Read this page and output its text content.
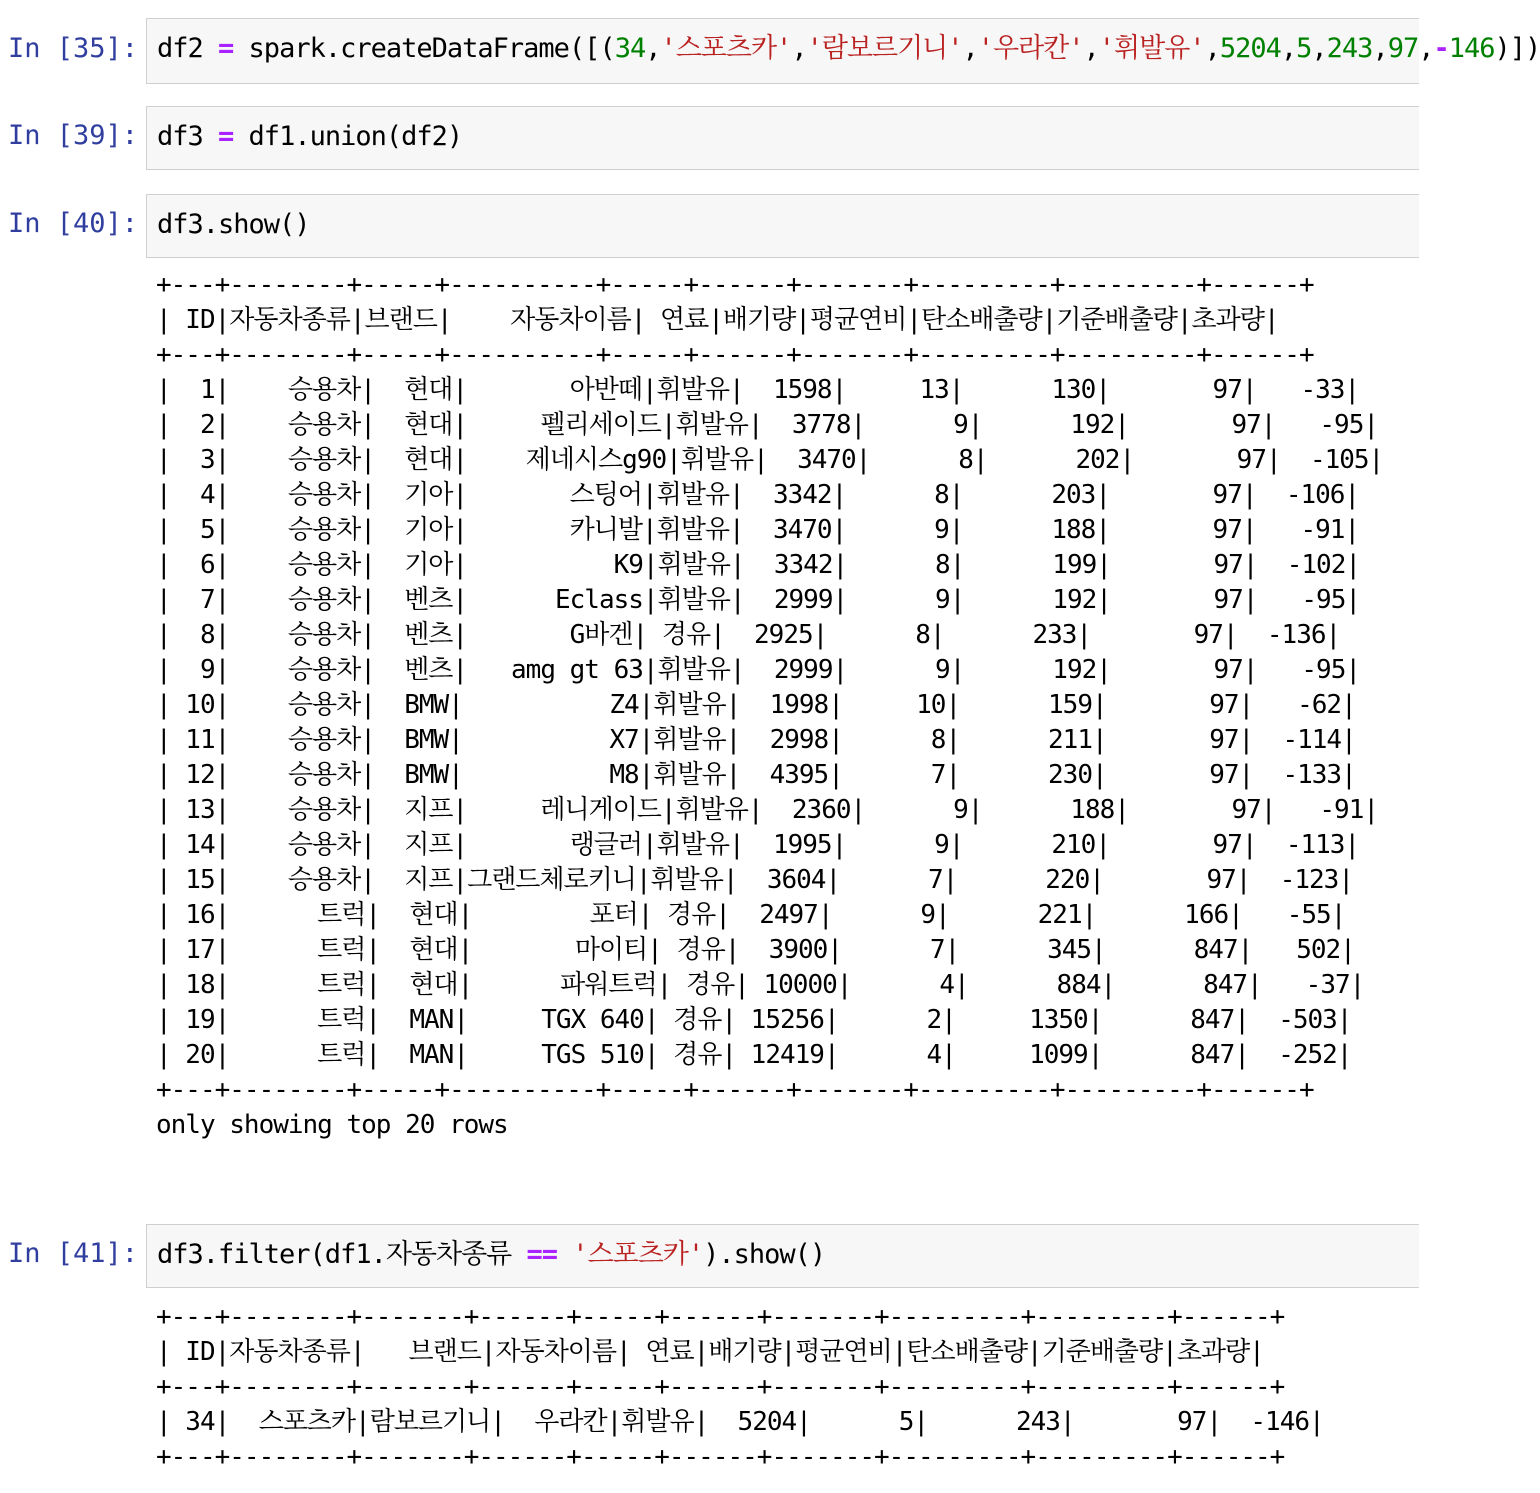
In [35]: df2 = spark.createDataFrame([(34,'스포츠카','람보르기니','우라칸','휘발유',5204,5,243,97,-146)])
In [39]: df3 = df1.union(df2)
In [40]: df3.show()
+---+--------+-----+----------+-----+------+-------+---------+---------+------+
| ID|자동차종류|브랜드|    자동차이름| 연료|배기량|평균연비|탄소배출량|기준배출량|초과량|
+---+--------+-----+----------+-----+------+-------+---------+---------+------+
|  1|    승용차|  현대|       아반떼|휘발유|  1598|     13|      130|       97|   -33|
|  2|    승용차|  현대|     펠리세이드|휘발유|  3778|      9|      192|       97|   -95|
|  3|    승용차|  현대|    제네시스g90|휘발유|  3470|      8|      202|       97|  -105|
|  4|    승용차|  기아|       스팅어|휘발유|  3342|      8|      203|       97|  -106|
|  5|    승용차|  기아|       카니발|휘발유|  3470|      9|      188|       97|   -91|
|  6|    승용차|  기아|          K9|휘발유|  3342|      8|      199|       97|  -102|
|  7|    승용차|  벤츠|      Eclass|휘발유|  2999|      9|      192|       97|   -95|
|  8|    승용차|  벤츠|       G바겐| 경유|  2925|      8|      233|       97|  -136|
|  9|    승용차|  벤츠|   amg gt 63|휘발유|  2999|      9|      192|       97|   -95|
| 10|    승용차|  BMW|          Z4|휘발유|  1998|     10|      159|       97|   -62|
| 11|    승용차|  BMW|          X7|휘발유|  2998|      8|      211|       97|  -114|
| 12|    승용차|  BMW|          M8|휘발유|  4395|      7|      230|       97|  -133|
| 13|    승용차|  지프|     레니게이드|휘발유|  2360|      9|      188|       97|   -91|
| 14|    승용차|  지프|       랭글러|휘발유|  1995|      9|      210|       97|  -113|
| 15|    승용차|  지프|그랜드체로키니|휘발유|  3604|      7|      220|       97|  -123|
| 16|      트럭|  현대|        포터| 경유|  2497|      9|      221|      166|   -55|
| 17|      트럭|  현대|       마이티| 경유|  3900|      7|      345|      847|   502|
| 18|      트럭|  현대|      파워트럭| 경유| 10000|      4|      884|      847|   -37|
| 19|      트럭|  MAN|     TGX 640| 경유| 15256|      2|     1350|      847|  -503|
| 20|      트럭|  MAN|     TGS 510| 경유| 12419|      4|     1099|      847|  -252|
+---+--------+-----+----------+-----+------+-------+---------+---------+------+
only showing top 20 rows
In [41]: df3.filter(df1.자동차종류 == '스포츠카').show()
+---+--------+-------+------+-----+------+-------+---------+---------+------+
| ID|자동차종류|   브랜드|자동차이름| 연료|배기량|평균연비|탄소배출량|기준배출량|초과량|
+---+--------+-------+------+-----+------+-------+---------+---------+------+
| 34|  스포츠카|람보르기니|  우라칸|휘발유|  5204|      5|      243|       97|  -146|
+---+--------+-------+------+-----+------+-------+---------+---------+------+
